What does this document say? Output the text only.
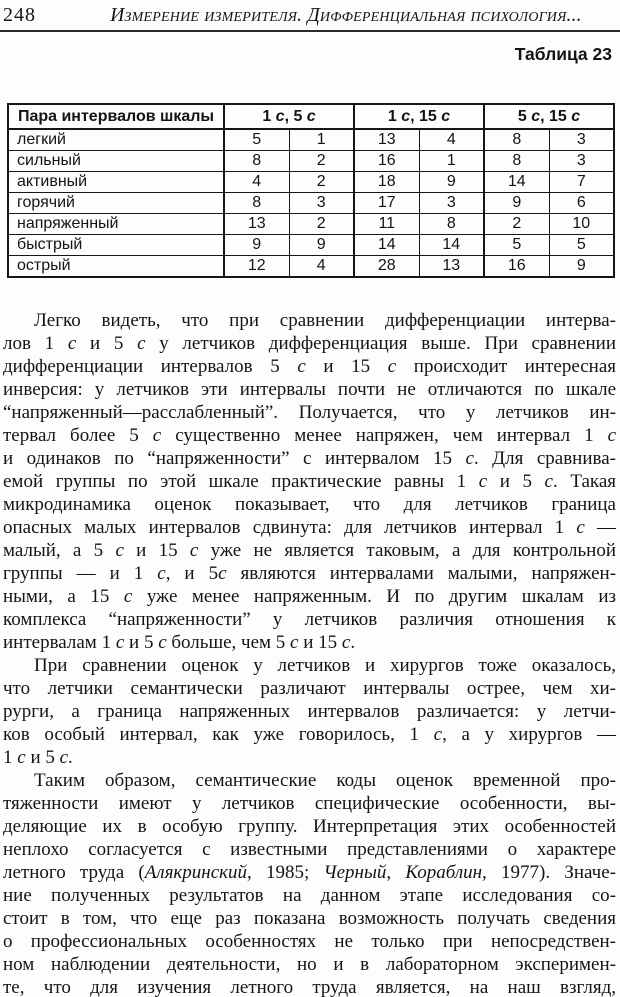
248	Измерение измерителя. Дифференциальная психология...
Таблица 23
Пара интервалов шкалы	1 с, 5 с		1 с, 15 с		5 с, 15 с	
легкий	5	1	13	4	8	3
сильный	8	2	16	1	8	3
активный	4	2	18	9	14	7
горячий	8	3	17	3	9	6
напряженный	13	2	11	8	2	10
быстрый	9	9	14	14	5	5
острый	12	4	28	13	16	9
Легко видеть, что при сравнении дифференциации интерва-
лов 1 с и 5 с у летчиков дифференциация выше. При сравнении
дифференциации интервалов 5 с и 15 с происходит интересная
инверсия: у летчиков эти интервалы почти не отличаются по шкале
“напряженный—расслабленный”. Получается, что у летчиков ин-
тервал более 5 с существенно менее напряжен, чем интервал 1 с
и одинаков по “напряженности” с интервалом 15 с. Для сравнива-
емой группы по этой шкале практические равны 1 с и 5 с. Такая
микродинамика оценок показывает, что для летчиков граница
опасных малых интервалов сдвинута: для летчиков интервал 1 с —
малый, а 5 с и 15 с уже не является таковым, а для контрольной
группы — и 1 с, и 5с являются интервалами малыми, напряжен-
ными, а 15 с уже менее напряженным. И по другим шкалам из
комплекса “напряженности” у летчиков различия отношения к
интервалам 1 с и 5 с больше, чем 5 с и 15 с.
При сравнении оценок у летчиков и хирургов тоже оказалось,
что летчики семантически различают интервалы острее, чем хи-
рурги, а граница напряженных интервалов различается: у летчи-
ков особый интервал, как уже говорилось, 1 с, а у хирургов —
1 с и 5 с.
Таким образом, семантические коды оценок временной про-
тяженности имеют у летчиков специфические особенности, вы-
деляющие их в особую группу. Интерпретация этих особенностей
неплохо согласуется с известными представлениями о характере
летного труда (Алякринский, 1985; Черный, Кораблин, 1977). Значе-
ние полученных результатов на данном этапе исследования со-
стоит в том, что еще раз показана возможность получать сведения
о профессиональных особенностях не только при непосредствен-
ном наблюдении деятельности, но и в лабораторном эксперимен-
те, что для изучения летного труда является, на наш взгляд,
